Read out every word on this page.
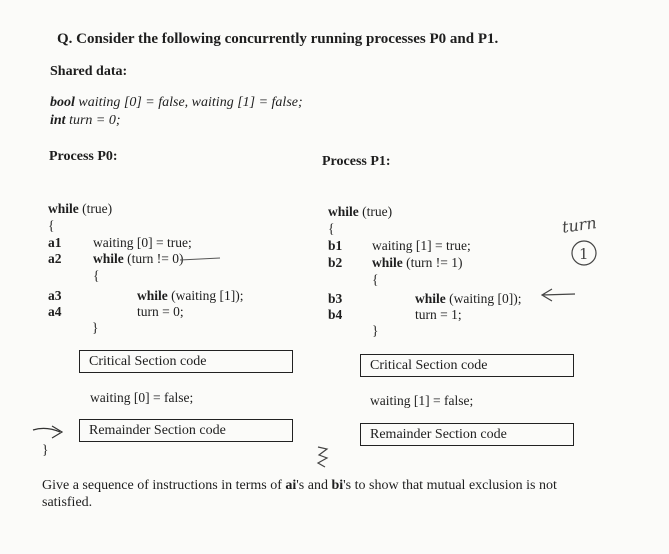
Q. Consider the following concurrently running processes P0 and P1.
Shared data:
bool waiting [0] = false, waiting [1] = false;
int turn = 0;
Process P0:
while (true)
{
a1 waiting [0] = true;
a2 while (turn != 0)
{
a3	while (waiting [1]);
a4	turn = 0;
}
Critical Section code
waiting [0] = false;
Remainder Section code
}
Process P1:
while (true)
{
b1 waiting [1] = true;
b2 while (turn != 1)
{
b3	while (waiting [0]);
b4	turn = 1;
}
Critical Section code
waiting [1] = false;
Remainder Section code
Give a sequence of instructions in terms of ai's and bi's to show that mutual exclusion is not satisfied.
turn
1
